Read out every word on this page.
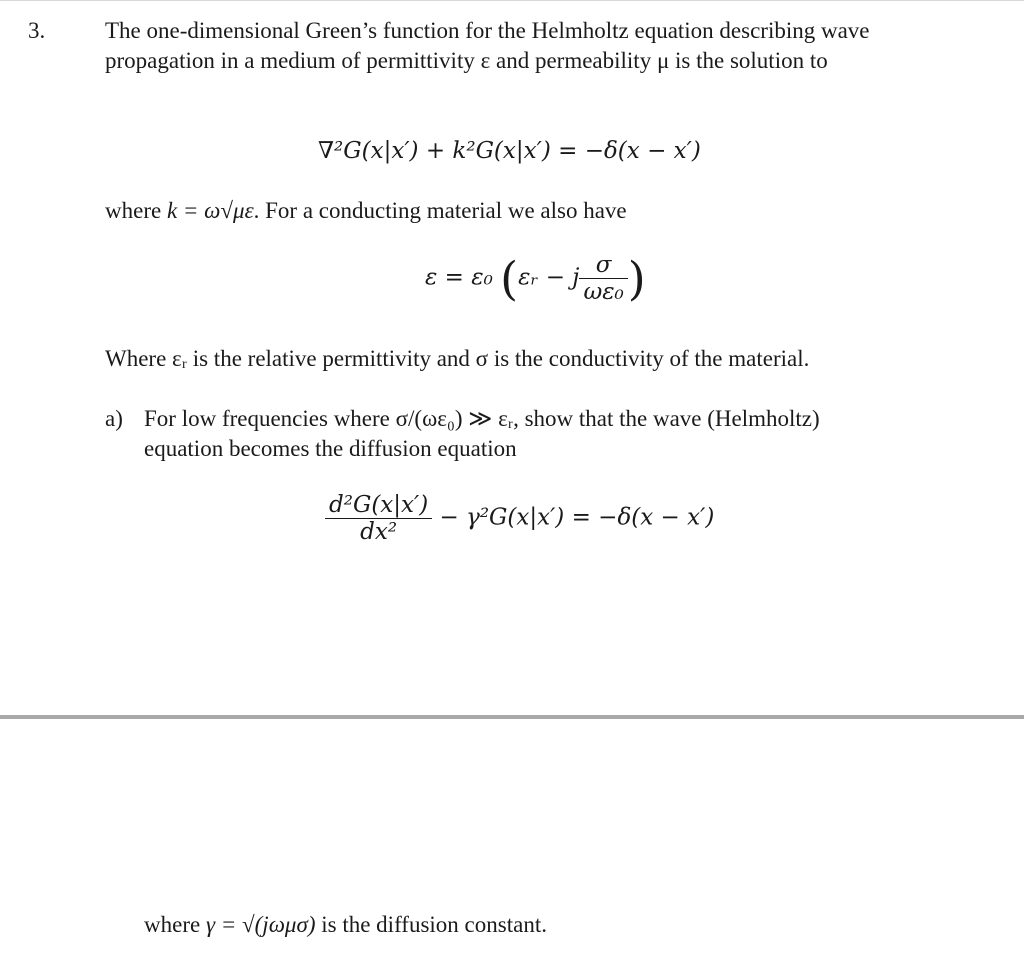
3.	The one-dimensional Green’s function for the Helmholtz equation describing wave propagation in a medium of permittivity ε and permeability μ is the solution to
∇²G(x|x′) + k²G(x|x′) = −δ(x − x′)
where k = ω√με. For a conducting material we also have
ε = ε₀ (εᵣ − j $\frac{\sigma}{\text{ωε₀}}$ )
Where εᵣ is the relative permittivity and σ is the conductivity of the material.
a) For low frequencies where σ/(ωε₀) ≫ εᵣ, show that the wave (Helmholtz)
equation becomes the diffusion equation
$\frac{\text{d²G(x|x′)}}{\text{dx²}} - \gamma^2G(x|x') = -\delta(x - x')$
where γ = √(jωμσ) is the diffusion constant.
